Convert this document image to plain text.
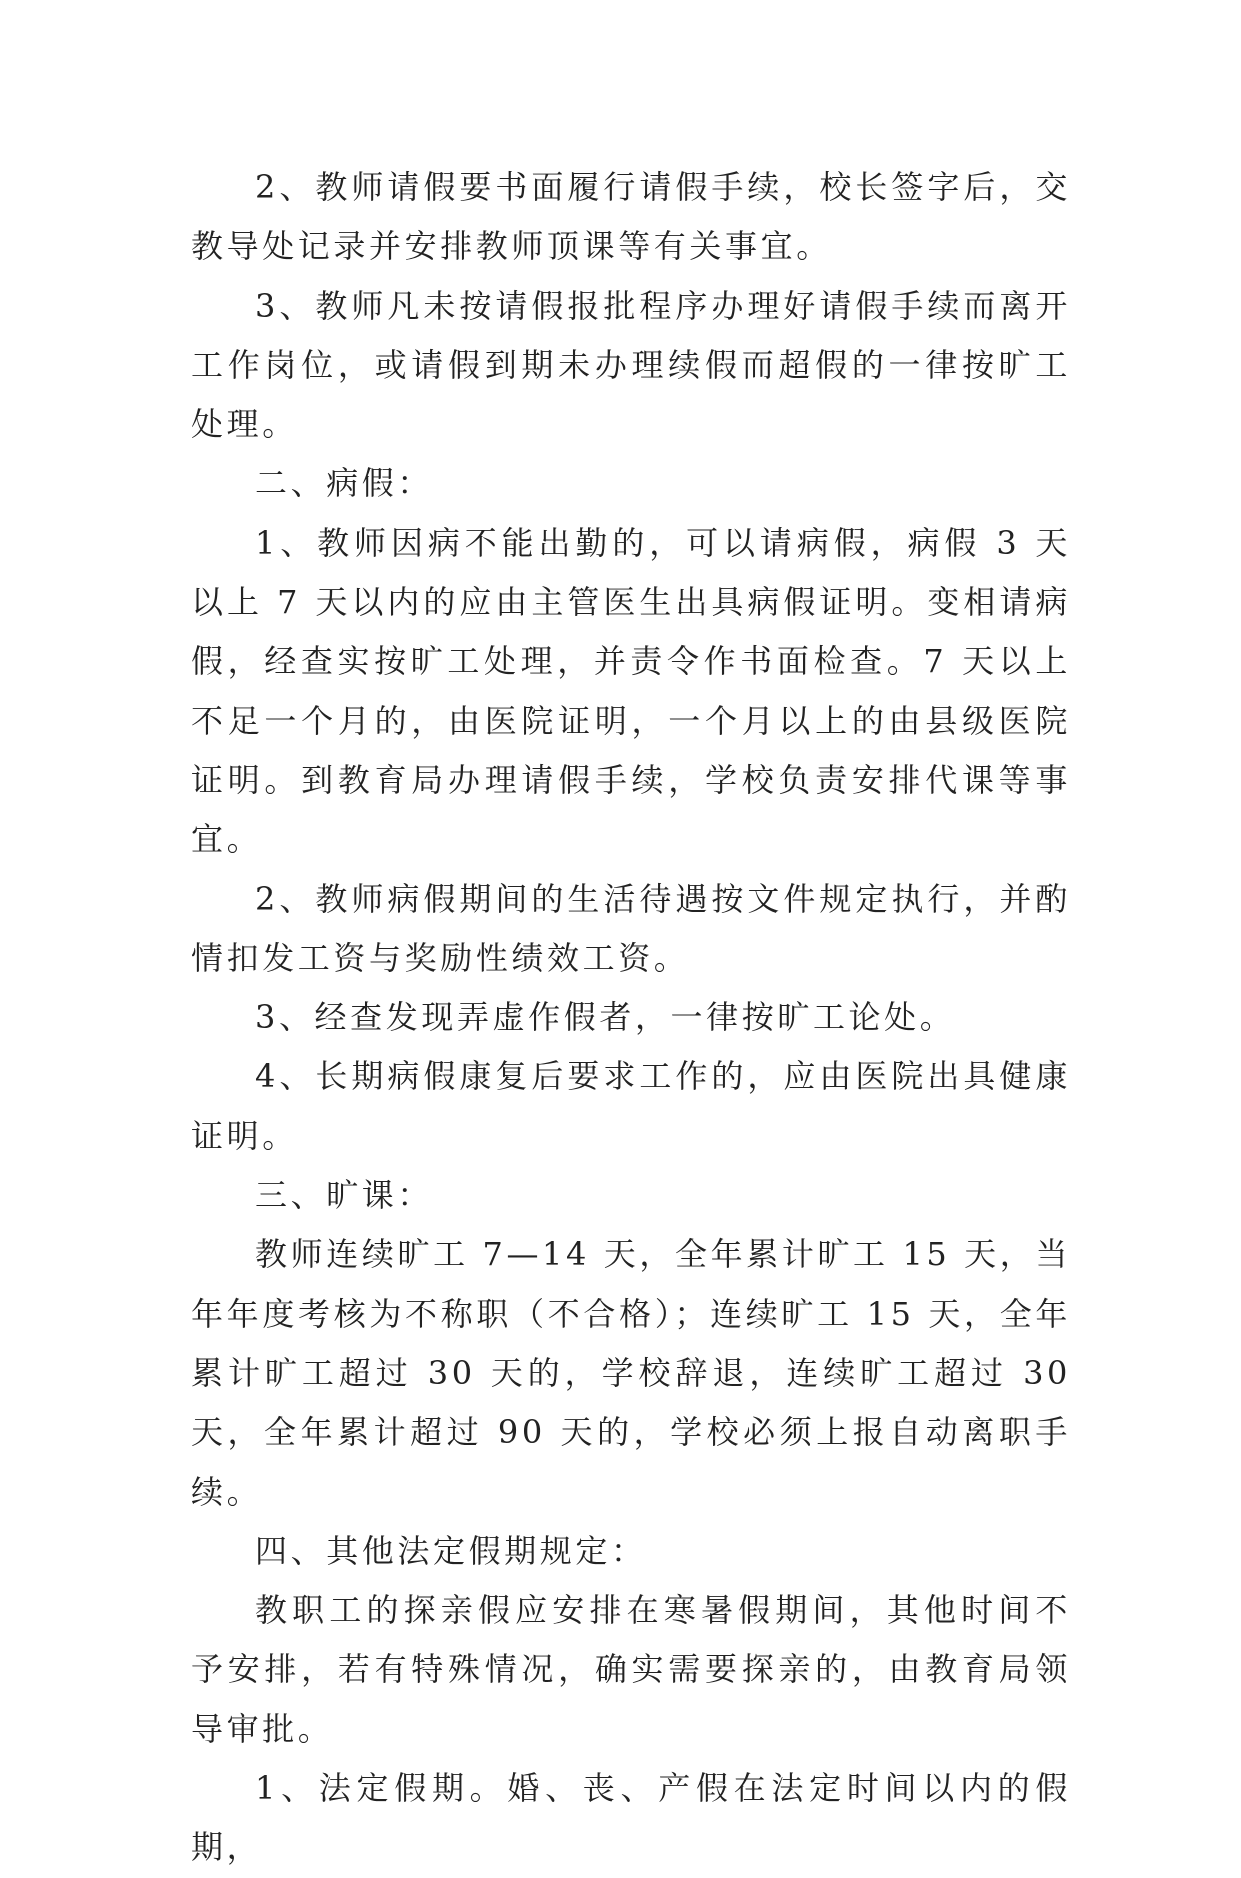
2、教师请假要书面履行请假手续，校长签字后，交教导处记录并安排教师顶课等有关事宜。

3、教师凡未按请假报批程序办理好请假手续而离开工作岗位，或请假到期未办理续假而超假的一律按旷工处理。

二、病假：

1、教师因病不能出勤的，可以请病假，病假 3 天以上 7 天以内的应由主管医生出具病假证明。变相请病假，经查实按旷工处理，并责令作书面检查。7 天以上不足一个月的，由医院证明，一个月以上的由县级医院证明。到教育局办理请假手续，学校负责安排代课等事宜。

2、教师病假期间的生活待遇按文件规定执行，并酌情扣发工资与奖励性绩效工资。

3、经查发现弄虚作假者，一律按旷工论处。

4、长期病假康复后要求工作的，应由医院出具健康证明。

三、旷课：

教师连续旷工 7—14 天，全年累计旷工 15 天，当年年度考核为不称职（不合格）；连续旷工 15 天，全年累计旷工超过 30 天的，学校辞退，连续旷工超过 30 天，全年累计超过 90 天的，学校必须上报自动离职手续。

四、其他法定假期规定：

教职工的探亲假应安排在寒暑假期间，其他时间不予安排，若有特殊情况，确实需要探亲的，由教育局领导审批。

1、法定假期。婚、丧、产假在法定时间以内的假期，
